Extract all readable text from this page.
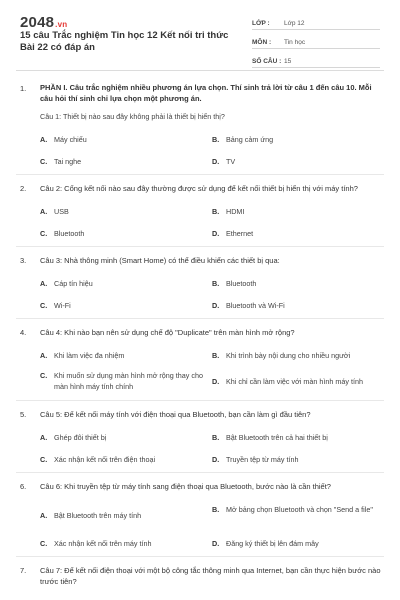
2048.vn
15 câu Trắc nghiệm Tin học 12 Kết nối tri thức Bài 22 có đáp án
LỚP :	Lớp 12
MÔN :	Tin học
SỐ CÂU : 15
1. PHẦN I. Câu trắc nghiệm nhiều phương án lựa chọn. Thí sinh trả lời từ câu 1 đến câu 10. Mỗi câu hỏi thí sinh chỉ lựa chọn một phương án.
Câu 1: Thiết bị nào sau đây không phải là thiết bị hiển thị?
A. Máy chiếu	B. Bảng cảm ứng
C. Tai nghe	D. TV
2. Câu 2: Cổng kết nối nào sau đây thường được sử dụng để kết nối thiết bị hiển thị với máy tính?
A. USB	B. HDMI
C. Bluetooth	D. Ethernet
3. Câu 3: Nhà thông minh (Smart Home) có thể điều khiển các thiết bị qua:
A. Cáp tín hiệu	B. Bluetooth
C. Wi-Fi	D. Bluetooth và Wi-Fi
4. Câu 4: Khi nào bạn nên sử dụng chế độ "Duplicate" trên màn hình mở rộng?
A. Khi làm việc đa nhiệm	B. Khi trình bày nội dung cho nhiều người
C. Khi muốn sử dụng màn hình mở rộng thay cho màn hình máy tính chính
D. Khi chỉ cần làm việc với màn hình máy tính
5. Câu 5: Để kết nối máy tính với điện thoại qua Bluetooth, bạn cần làm gì đầu tiên?
A. Ghép đôi thiết bị	B. Bật Bluetooth trên cả hai thiết bị
C. Xác nhận kết nối trên điện thoại	D. Truyền tệp từ máy tính
6. Câu 6: Khi truyền tệp từ máy tính sang điện thoại qua Bluetooth, bước nào là cần thiết?
A. Bật Bluetooth trên máy tính
B. Mở bảng chọn Bluetooth và chọn "Send a file"
C. Xác nhận kết nối trên máy tính	D. Đăng ký thiết bị lên đám mây
7. Câu 7: Để kết nối điện thoại với một bộ công tắc thông minh qua Internet, bạn cần thực hiện bước nào trước tiên?
